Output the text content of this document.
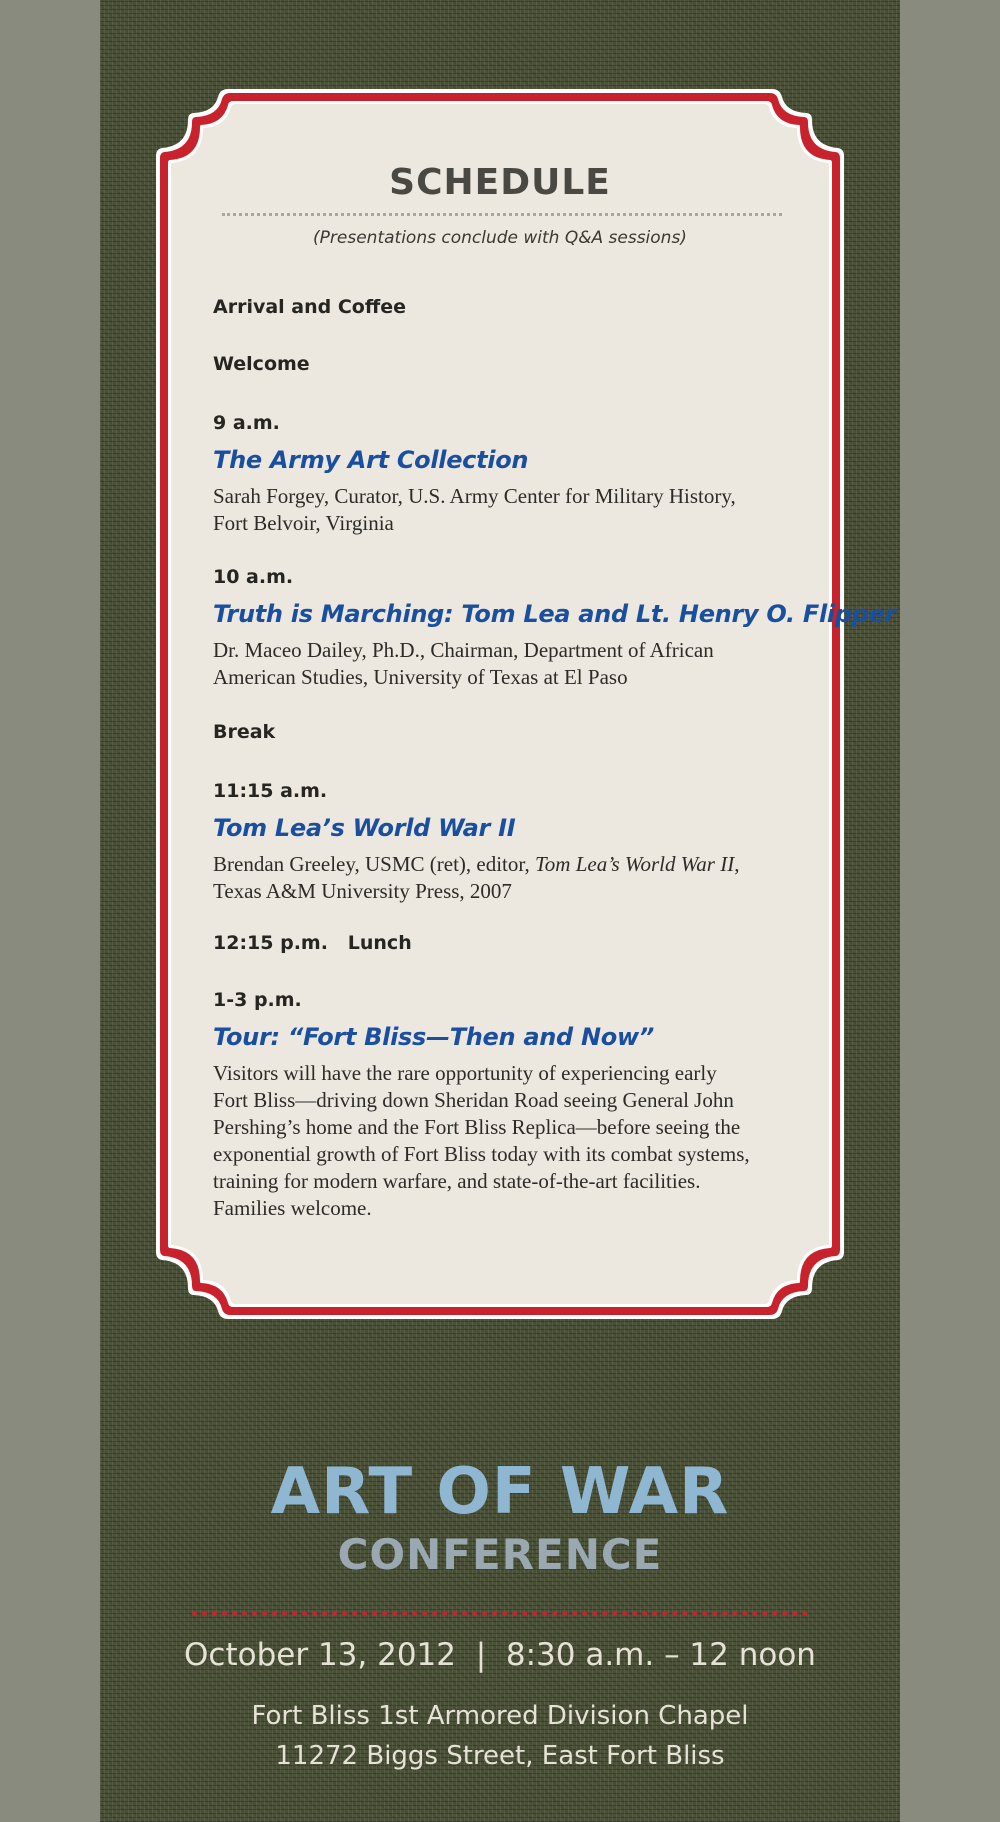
SCHEDULE
(Presentations conclude with Q&A sessions)
Arrival and Coffee
Welcome
9 a.m.
The Army Art Collection
Sarah Forgey, Curator, U.S. Army Center for Military History,
Fort Belvoir, Virginia
10 a.m.
Truth is Marching: Tom Lea and Lt. Henry O. Flipper
Dr. Maceo Dailey, Ph.D., Chairman, Department of African
American Studies, University of Texas at El Paso
Break
11:15 a.m.
Tom Lea’s World War II
Brendan Greeley, USMC (ret), editor, Tom Lea’s World War II,
Texas A&M University Press, 2007
12:15 p.m.   Lunch
1-3 p.m.
Tour: “Fort Bliss—Then and Now”
Visitors will have the rare opportunity of experiencing early
Fort Bliss—driving down Sheridan Road seeing General John
Pershing’s home and the Fort Bliss Replica—before seeing the
exponential growth of Fort Bliss today with its combat systems,
training for modern warfare, and state-of-the-art facilities.
Families welcome.
ART OF WAR
CONFERENCE
October 13, 2012  |  8:30 a.m. – 12 noon
Fort Bliss 1st Armored Division Chapel
11272 Biggs Street, East Fort Bliss
